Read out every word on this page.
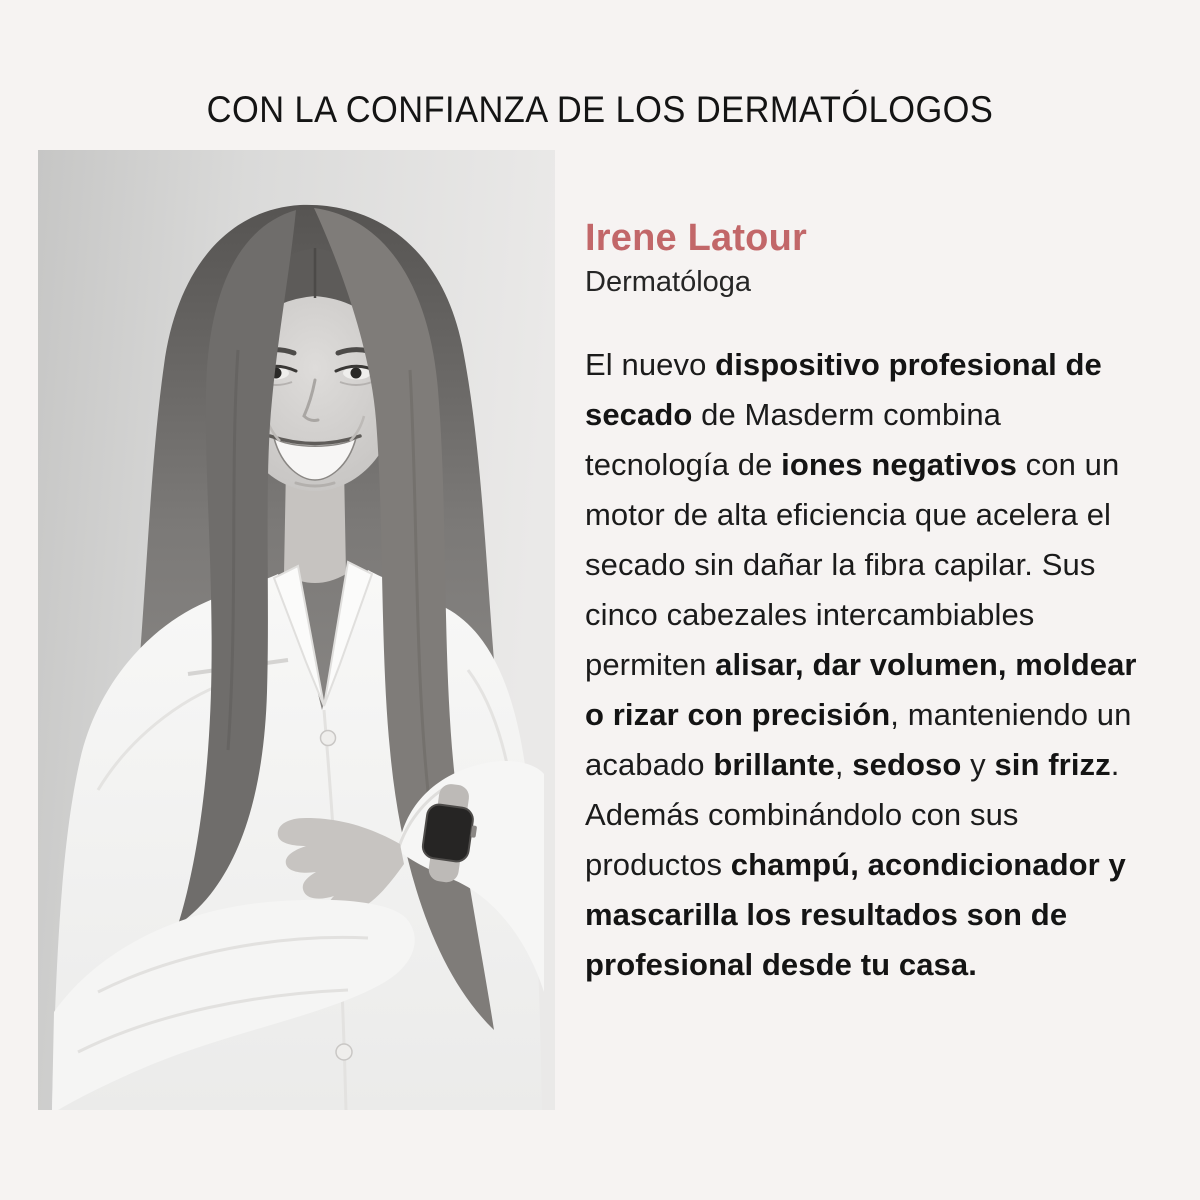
CON LA CONFIANZA DE LOS DERMATÓLOGOS
Irene Latour
Dermatóloga

El nuevo dispositivo profesional de secado de Masderm combina tecnología de iones negativos con un motor de alta eficiencia que acelera el secado sin dañar la fibra capilar. Sus cinco cabezales intercambiables permiten alisar, dar volumen, moldear o rizar con precisión, manteniendo un acabado brillante, sedoso y sin frizz. Además combinándolo con sus productos champú, acondicionador y mascarilla los resultados son de profesional desde tu casa.
